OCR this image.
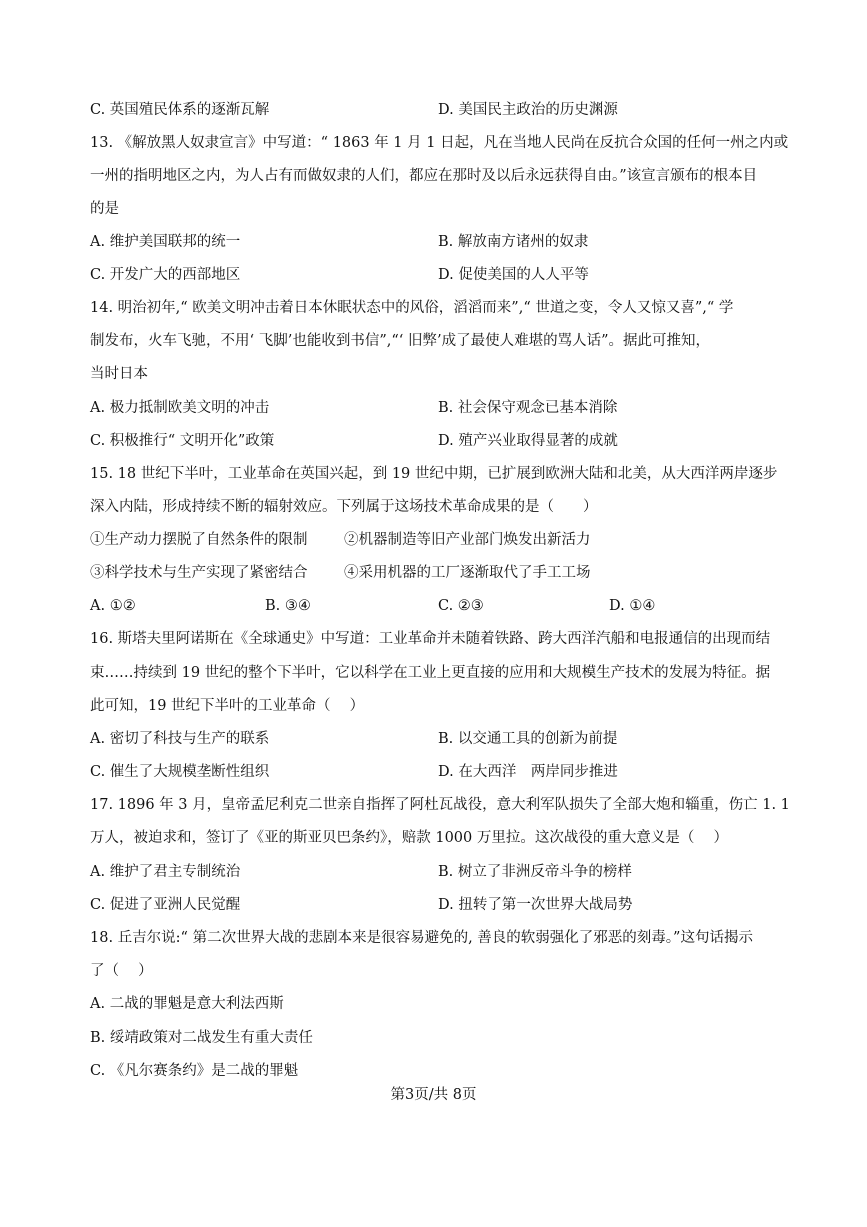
C. 英国殖民体系的逐渐瓦解	D. 美国民主政治的历史渊源
13. 《解放黑人奴隶宣言》中写道：“ 1863 年 1 月 1 日起，凡在当地人民尚在反抗合众国的任何一州之内或
一州的指明地区之内，为人占有而做奴隶的人们，都应在那时及以后永远获得自由。”该宣言颁布的根本目
的是
A. 维护美国联邦的统一	B. 解放南方诸州的奴隶
C. 开发广大的西部地区	D. 促使美国的人人平等
14. 明治初年,“ 欧美文明冲击着日本休眠状态中的风俗，滔滔而来”,“ 世道之变，令人又惊又喜”,“ 学
制发布，火车飞驰，不用‘ 飞脚’也能收到书信”,“‘ 旧弊’成了最使人难堪的骂人话”。据此可推知，
当时日本
A. 极力抵制欧美文明的冲击	B. 社会保守观念已基本消除
C. 积极推行“ 文明开化”政策	D. 殖产兴业取得显著的成就
15. 18 世纪下半叶，工业革命在英国兴起，到 19 世纪中期，已扩展到欧洲大陆和北美，从大西洋两岸逐步
深入内陆，形成持续不断的辐射效应。下列属于这场技术革命成果的是（　　）
①生产动力摆脱了自然条件的限制	②机器制造等旧产业部门焕发出新活力
③科学技术与生产实现了紧密结合	④采用机器的工厂逐渐取代了手工工场
A. ①②	B. ③④	C. ②③	D. ①④
16. 斯塔夫里阿诺斯在《全球通史》中写道：工业革命并未随着铁路、跨大西洋汽船和电报通信的出现而结
束……持续到 19 世纪的整个下半叶，它以科学在工业上更直接的应用和大规模生产技术的发展为特征。据
此可知，19 世纪下半叶的工业革命（　 ）
A. 密切了科技与生产的联系	B. 以交通工具的创新为前提
C. 催生了大规模垄断性组织	D. 在大西洋　两岸同步推进
17. 1896 年 3 月，皇帝孟尼利克二世亲自指挥了阿杜瓦战役，意大利军队损失了全部大炮和辎重，伤亡 1. 1
万人，被迫求和，签订了《亚的斯亚贝巴条约》，赔款 1000 万里拉。这次战役的重大意义是（　 ）
A. 维护了君主专制统治	B. 树立了非洲反帝斗争的榜样
C. 促进了亚洲人民觉醒	D. 扭转了第一次世界大战局势
18. 丘吉尔说:“ 第二次世界大战的悲剧本来是很容易避免的, 善良的软弱强化了邪恶的刻毒。”这句话揭示
了（　 ）
A. 二战的罪魁是意大利法西斯
B. 绥靖政策对二战发生有重大责任
C. 《凡尔赛条约》是二战的罪魁
第3页/共 8页
